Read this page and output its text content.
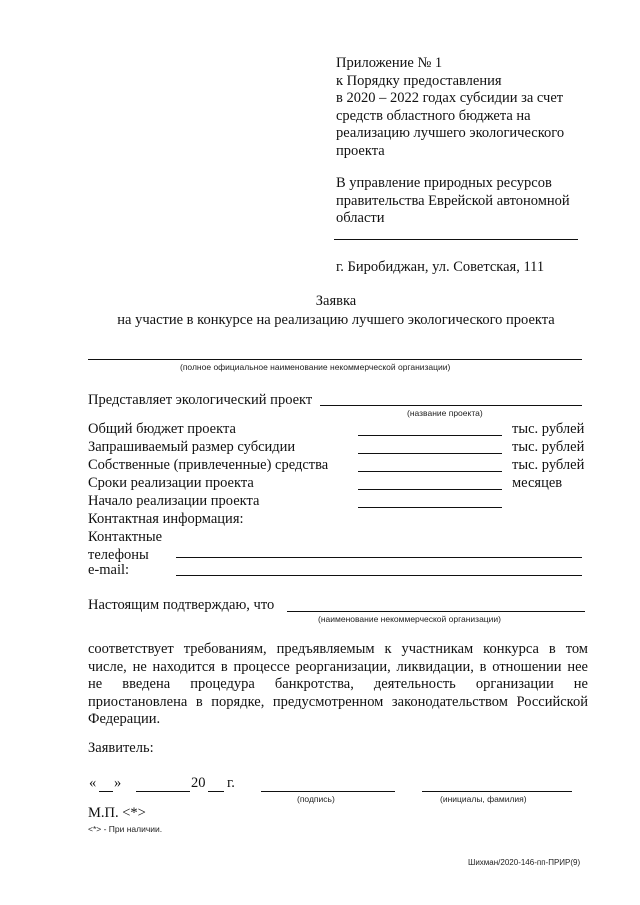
Приложение № 1
к Порядку предоставления
в 2020 – 2022 годах субсидии за счет
средств областного бюджета на
реализацию лучшего экологического
проекта
В управление природных ресурсов
правительства Еврейской автономной
области
г. Биробиджан, ул. Советская, 111
Заявка
на участие в конкурсе на реализацию лучшего экологического проекта
(полное официальное наименование некоммерческой организации)
Представляет экологический проект
(название проекта)
Общий бюджет проекта	тыс. рублей
Запрашиваемый размер субсидии	тыс. рублей
Собственные (привлеченные) средства	тыс. рублей
Сроки реализации проекта	месяцев
Начало реализации проекта
Контактная информация:
Контактные
телефоны
e-mail:
Настоящим подтверждаю, что
(наименование некоммерческой организации)
соответствует требованиям, предъявляемым к участникам конкурса в том
числе, не находится в процессе реорганизации, ликвидации, в отношении нее
не введена процедура банкротства, деятельность организации не
приостановлена в порядке, предусмотренном законодательством Российской
Федерации.
Заявитель:
« »	20 г.
(подпись)	(инициалы, фамилия)
М.П. <*>
<*> - При наличии.
Шихман/2020-146-пп-ПРИР(9)
